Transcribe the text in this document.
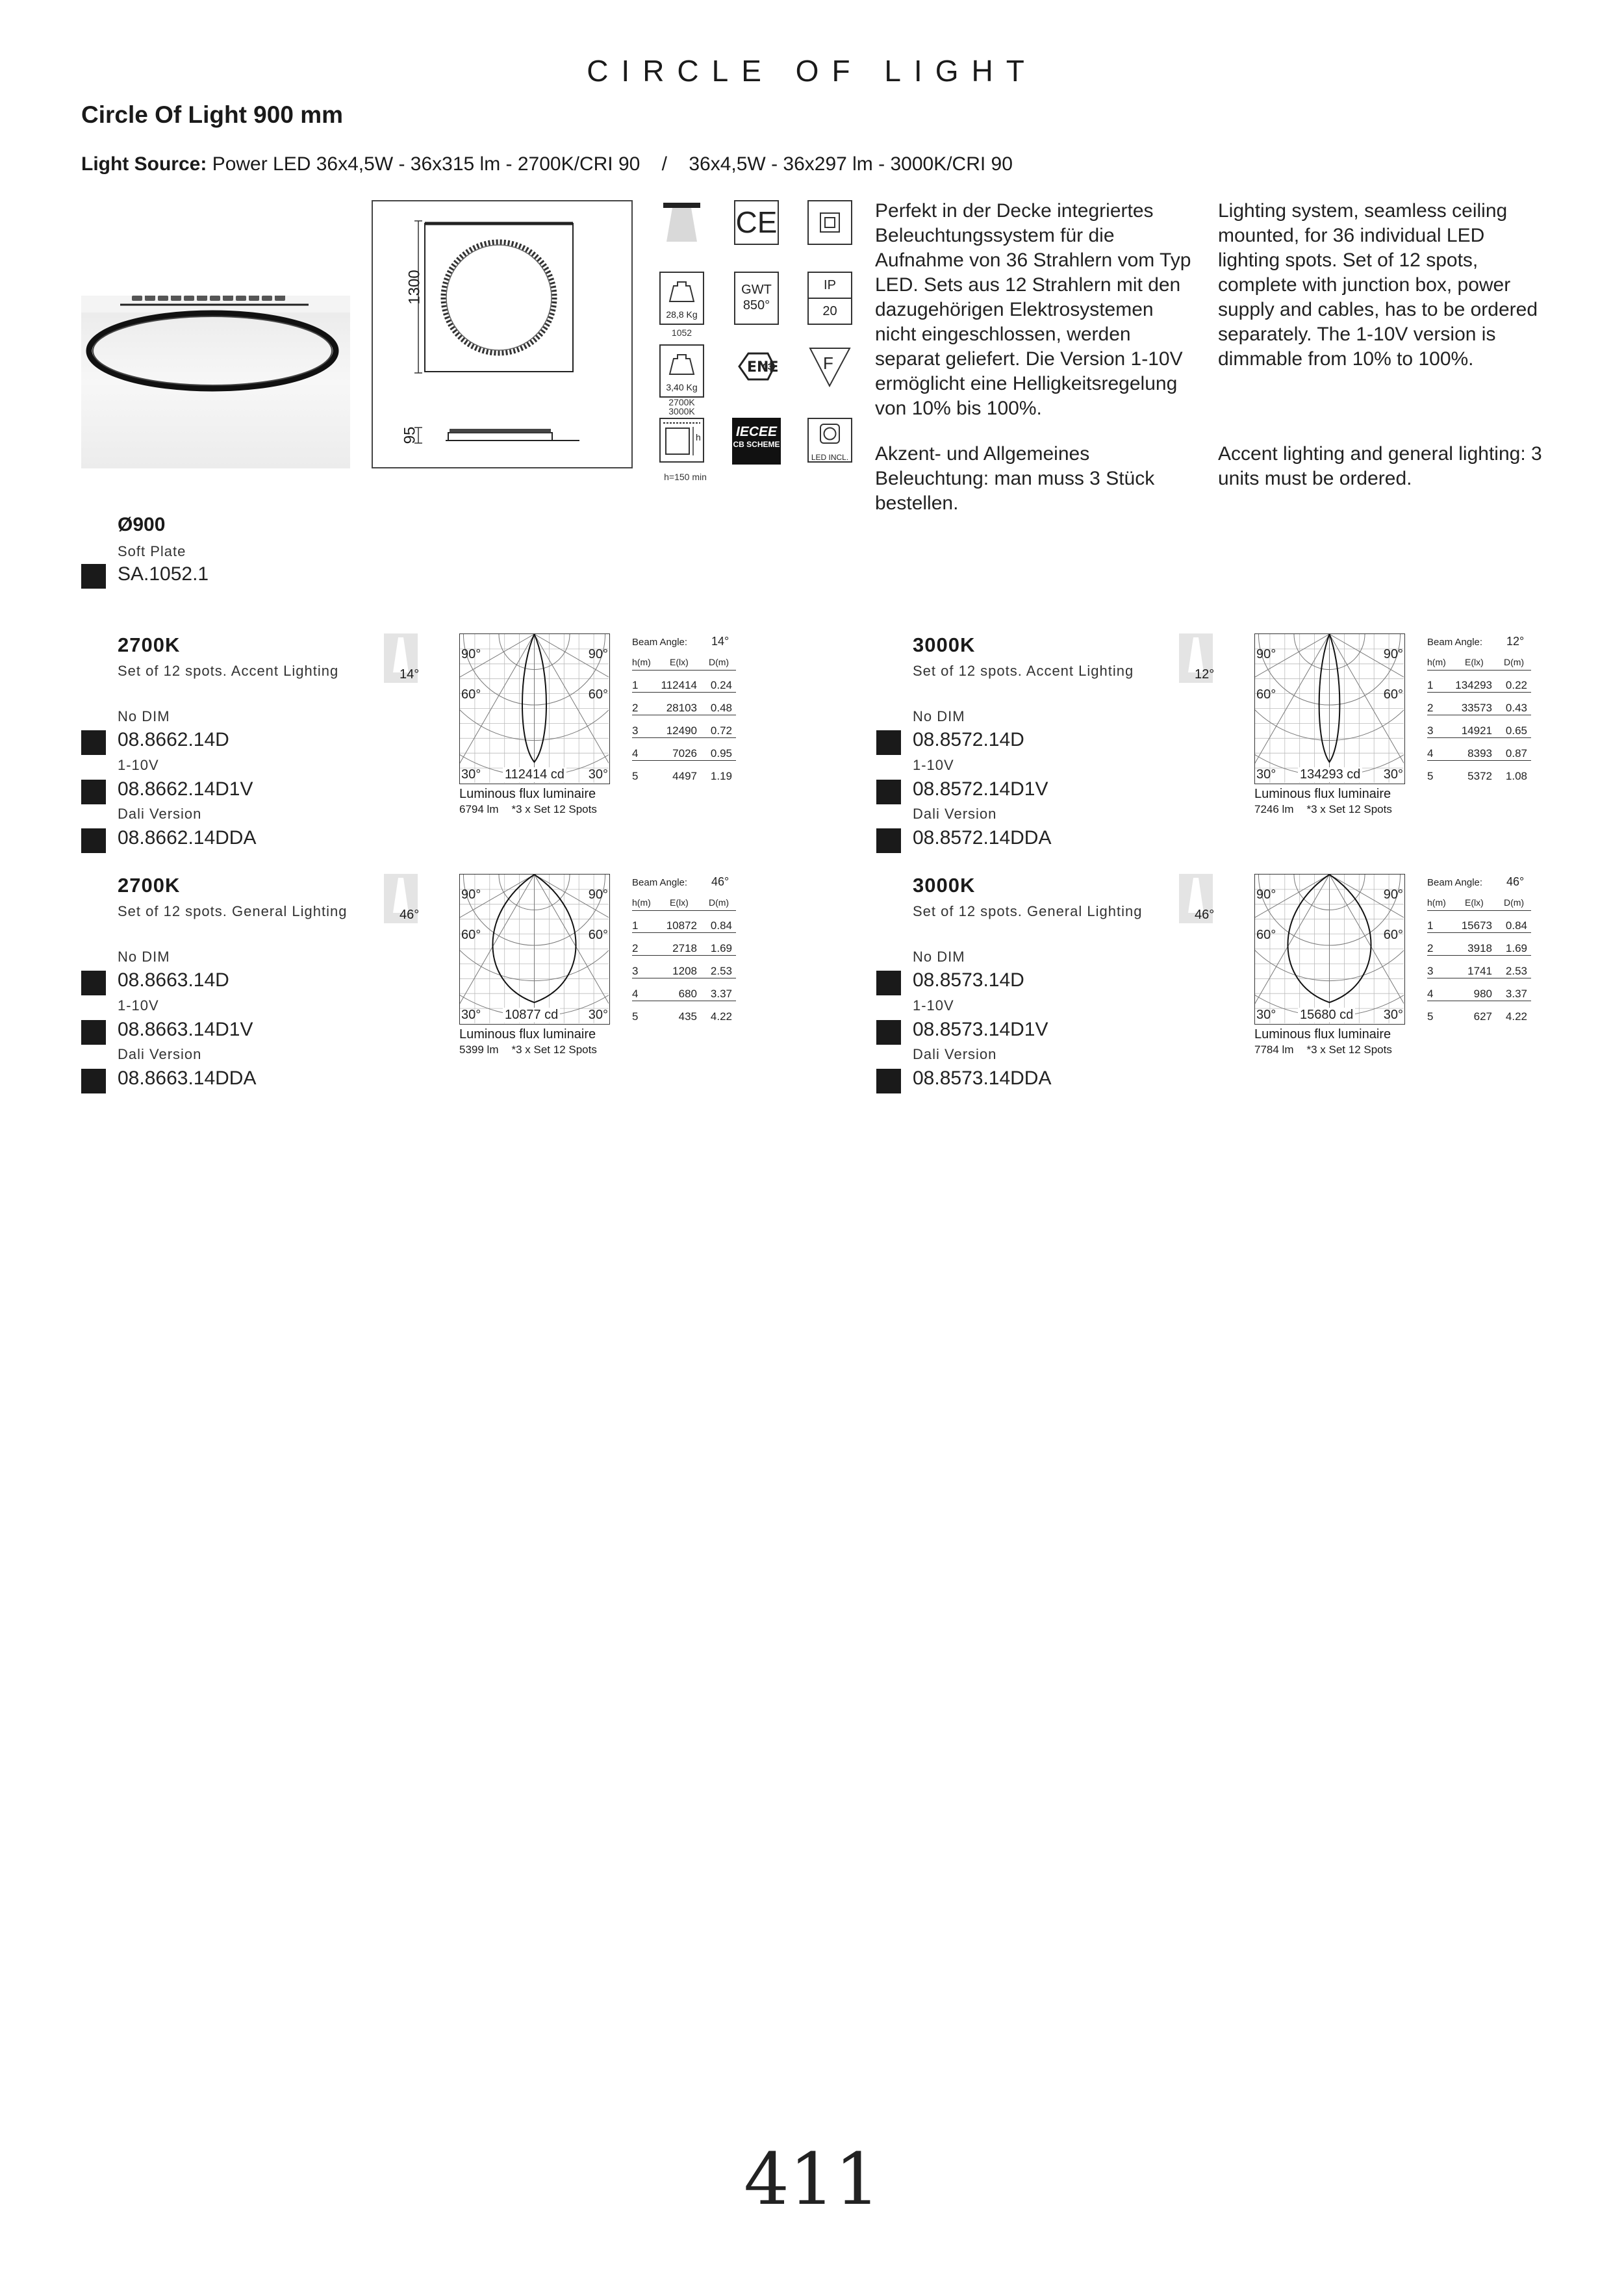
CIRCLE OF LIGHT
Circle Of Light 900 mm
Light Source: Power LED 36x4,5W - 36x315 lm - 2700K/CRI 90    /    36x4,5W - 36x297 lm - 3000K/CRI 90
1300
95
28,8 Kg
1052
3,40 Kg
2700K
3000K
h
h=150 min
CE
GWT
850°
ENE
03
IECEE
CB SCHEME
IP
20
F
LED INCL.
Perfekt in der Decke integriertes Beleuchtungssystem für die Aufnahme von 36 Strahlern vom Typ LED. Sets aus 12 Strahlern mit den dazugehörigen Elektrosystemen nicht eingeschlossen, werden separat geliefert. Die Version 1-10V ermöglicht eine Helligkeitsregelung von 10% bis 100%.
Akzent- und Allgemeines Beleuchtung: man muss 3 Stück bestellen.
Lighting system, seamless ceiling mounted, for 36 individual LED lighting spots. Set of 12 spots, complete with junction box, power supply and cables, has to be ordered separately. The 1-10V version is dimmable from 10% to 100%.
Accent lighting and general lighting: 3 units must be ordered.
Ø900
Soft Plate
SA.1052.1
2700K
Set of 12 spots. Accent Lighting
No DIM
08.8662.14D
1-10V
08.8662.14D1V
Dali Version
08.8662.14DDA
14°
90°	90°
60°	60°
30°	30°
112414 cd
Luminous flux luminaire
6794 lm *3 x Set 12 Spots
Beam Angle: 14°
h(m) E(lx) D(m)
1	112414	0.24
2	28103	0.48
3	12490	0.72
4	7026	0.95
5	4497	1.19
3000K
Set of 12 spots. Accent Lighting
No DIM
08.8572.14D
1-10V
08.8572.14D1V
Dali Version
08.8572.14DDA
12°
90°	90°
60°	60°
30°	30°
134293 cd
Luminous flux luminaire
7246 lm *3 x Set 12 Spots
Beam Angle: 12°
h(m) E(lx) D(m)
1	134293	0.22
2	33573	0.43
3	14921	0.65
4	8393	0.87
5	5372	1.08
2700K
Set of 12 spots. General Lighting
No DIM
08.8663.14D
1-10V
08.8663.14D1V
Dali Version
08.8663.14DDA
46°
90°	90°
60°	60°
30°	30°
10877 cd
Luminous flux luminaire
5399 lm *3 x Set 12 Spots
Beam Angle: 46°
h(m) E(lx) D(m)
1	10872	0.84
2	2718	1.69
3	1208	2.53
4	680	3.37
5	435	4.22
3000K
Set of 12 spots. General Lighting
No DIM
08.8573.14D
1-10V
08.8573.14D1V
Dali Version
08.8573.14DDA
46°
90°	90°
60°	60°
30°	30°
15680 cd
Luminous flux luminaire
7784 lm *3 x Set 12 Spots
Beam Angle: 46°
h(m) E(lx) D(m)
1	15673	0.84
2	3918	1.69
3	1741	2.53
4	980	3.37
5	627	4.22
411
